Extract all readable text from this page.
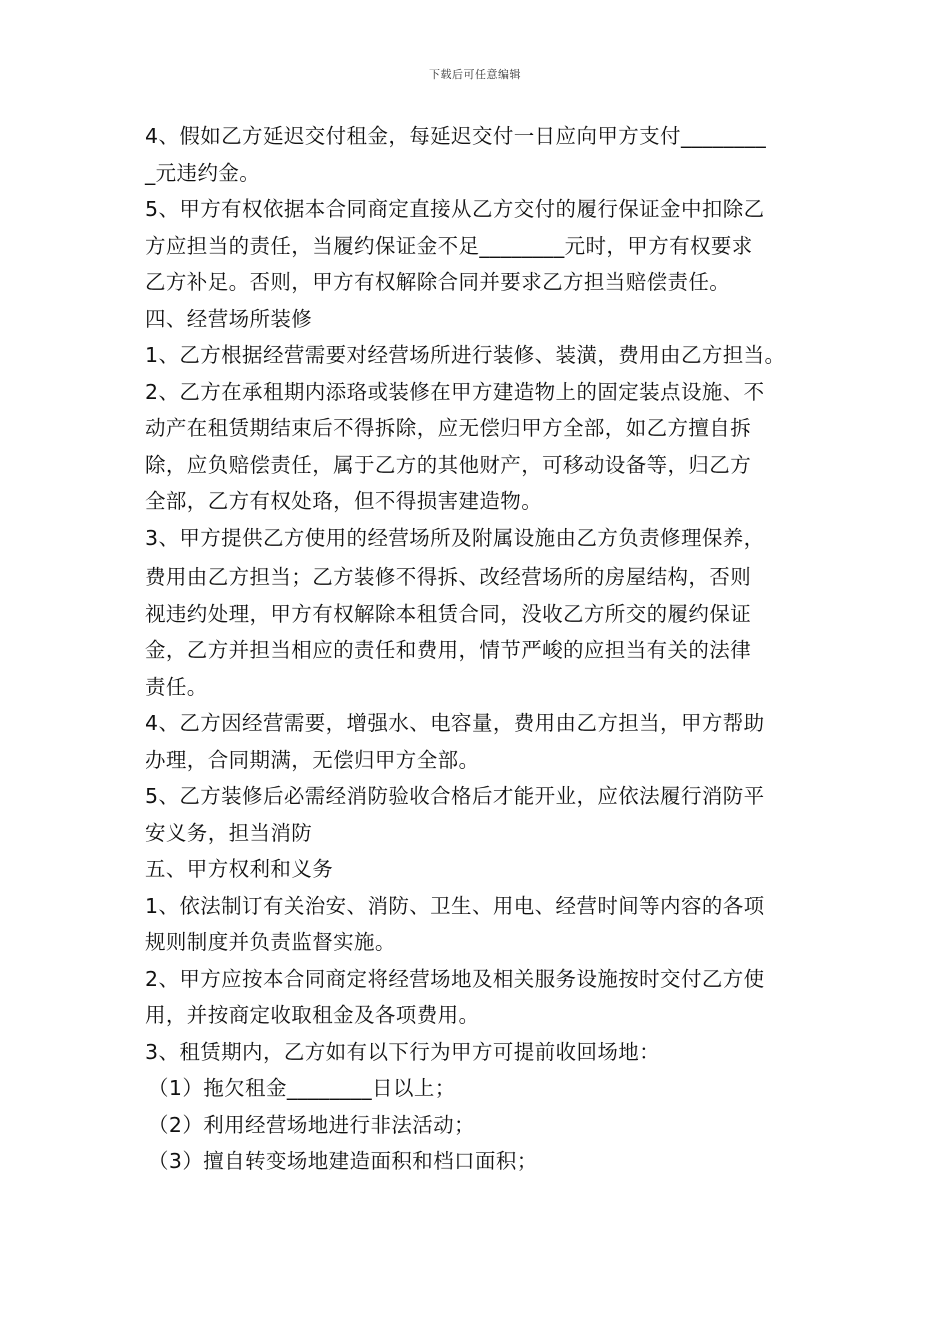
下载后可任意编辑
4、假如乙方延迟交付租金，每延迟交付一日应向甲方支付________
_元违约金。
5、甲方有权依据本合同商定直接从乙方交付的履行保证金中扣除乙
方应担当的责任，当履约保证金不足________元时，甲方有权要求
乙方补足。否则，甲方有权解除合同并要求乙方担当赔偿责任。
四、经营场所装修
1、乙方根据经营需要对经营场所进行装修、装潢，费用由乙方担当。
2、乙方在承租期内添珞或装修在甲方建造物上的固定装点设施、不
动产在租赁期结束后不得拆除，应无偿归甲方全部，如乙方擅自拆
除，应负赔偿责任，属于乙方的其他财产，可移动设备等，归乙方
全部，乙方有权处珞，但不得损害建造物。
3、甲方提供乙方使用的经营场所及附属设施由乙方负责修理保养，
费用由乙方担当；乙方装修不得拆、改经营场所的房屋结构，否则
视违约处理，甲方有权解除本租赁合同，没收乙方所交的履约保证
金，乙方并担当相应的责任和费用，情节严峻的应担当有关的法律
责任。
4、乙方因经营需要，增强水、电容量，费用由乙方担当，甲方帮助
办理，合同期满，无偿归甲方全部。
5、乙方装修后必需经消防验收合格后才能开业，应依法履行消防平
安义务，担当消防
五、甲方权利和义务
1、依法制订有关治安、消防、卫生、用电、经营时间等内容的各项
规则制度并负责监督实施。
2、甲方应按本合同商定将经营场地及相关服务设施按时交付乙方使
用，并按商定收取租金及各项费用。
3、租赁期内，乙方如有以下行为甲方可提前收回场地：
（1）拖欠租金________日以上；
（2）利用经营场地进行非法活动；
（3）擅自转变场地建造面积和档口面积；
